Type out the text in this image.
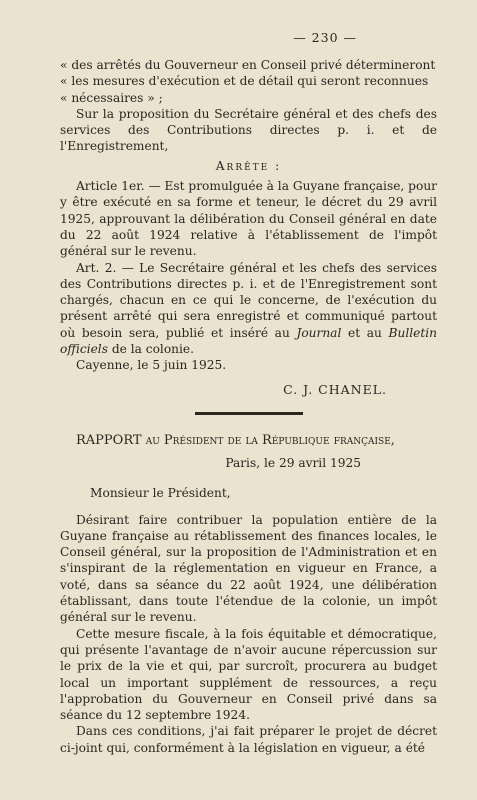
— 230 —

« des arrêtés du Gouverneur en Conseil privé détermineront

« les mesures d'exécution et de détail qui seront reconnues

« nécessaires » ;

Sur la proposition du Secrétaire général et des chefs des services des Contributions directes p. i. et de l'Enregistrement,

Arrête :

Article 1er. — Est promulguée à la Guyane française, pour y être exécuté en sa forme et teneur, le décret du 29 avril 1925, approuvant la délibération du Conseil général en date du 22 août 1924 relative à l'établissement de l'impôt général sur le revenu.

Art. 2. — Le Secrétaire général et les chefs des services des Contributions directes p. i. et de l'Enregistrement sont chargés, chacun en ce qui le concerne, de l'exécution du présent arrêté qui sera enregistré et communiqué partout où besoin sera, publié et inséré au Journal et au Bulletin officiels de la colonie.

Cayenne, le 5 juin 1925.

C. J. CHANEL.

RAPPORT au Président de la République française,

Paris, le 29 avril 1925

Monsieur le Président,

Désirant faire contribuer la population entière de la Guyane française au rétablissement des finances locales, le Conseil général, sur la proposition de l'Administration et en s'inspirant de la réglementation en vigueur en France, a voté, dans sa séance du 22 août 1924, une délibération établissant, dans toute l'étendue de la colonie, un impôt général sur le revenu.

Cette mesure fiscale, à la fois équitable et démocratique, qui présente l'avantage de n'avoir aucune répercussion sur le prix de la vie et qui, par surcroît, procurera au budget local un important supplément de ressources, a reçu l'approbation du Gouverneur en Conseil privé dans sa séance du 12 septembre 1924.

Dans ces conditions, j'ai fait préparer le projet de décret ci-joint qui, conformément à la législation en vigueur, a été
